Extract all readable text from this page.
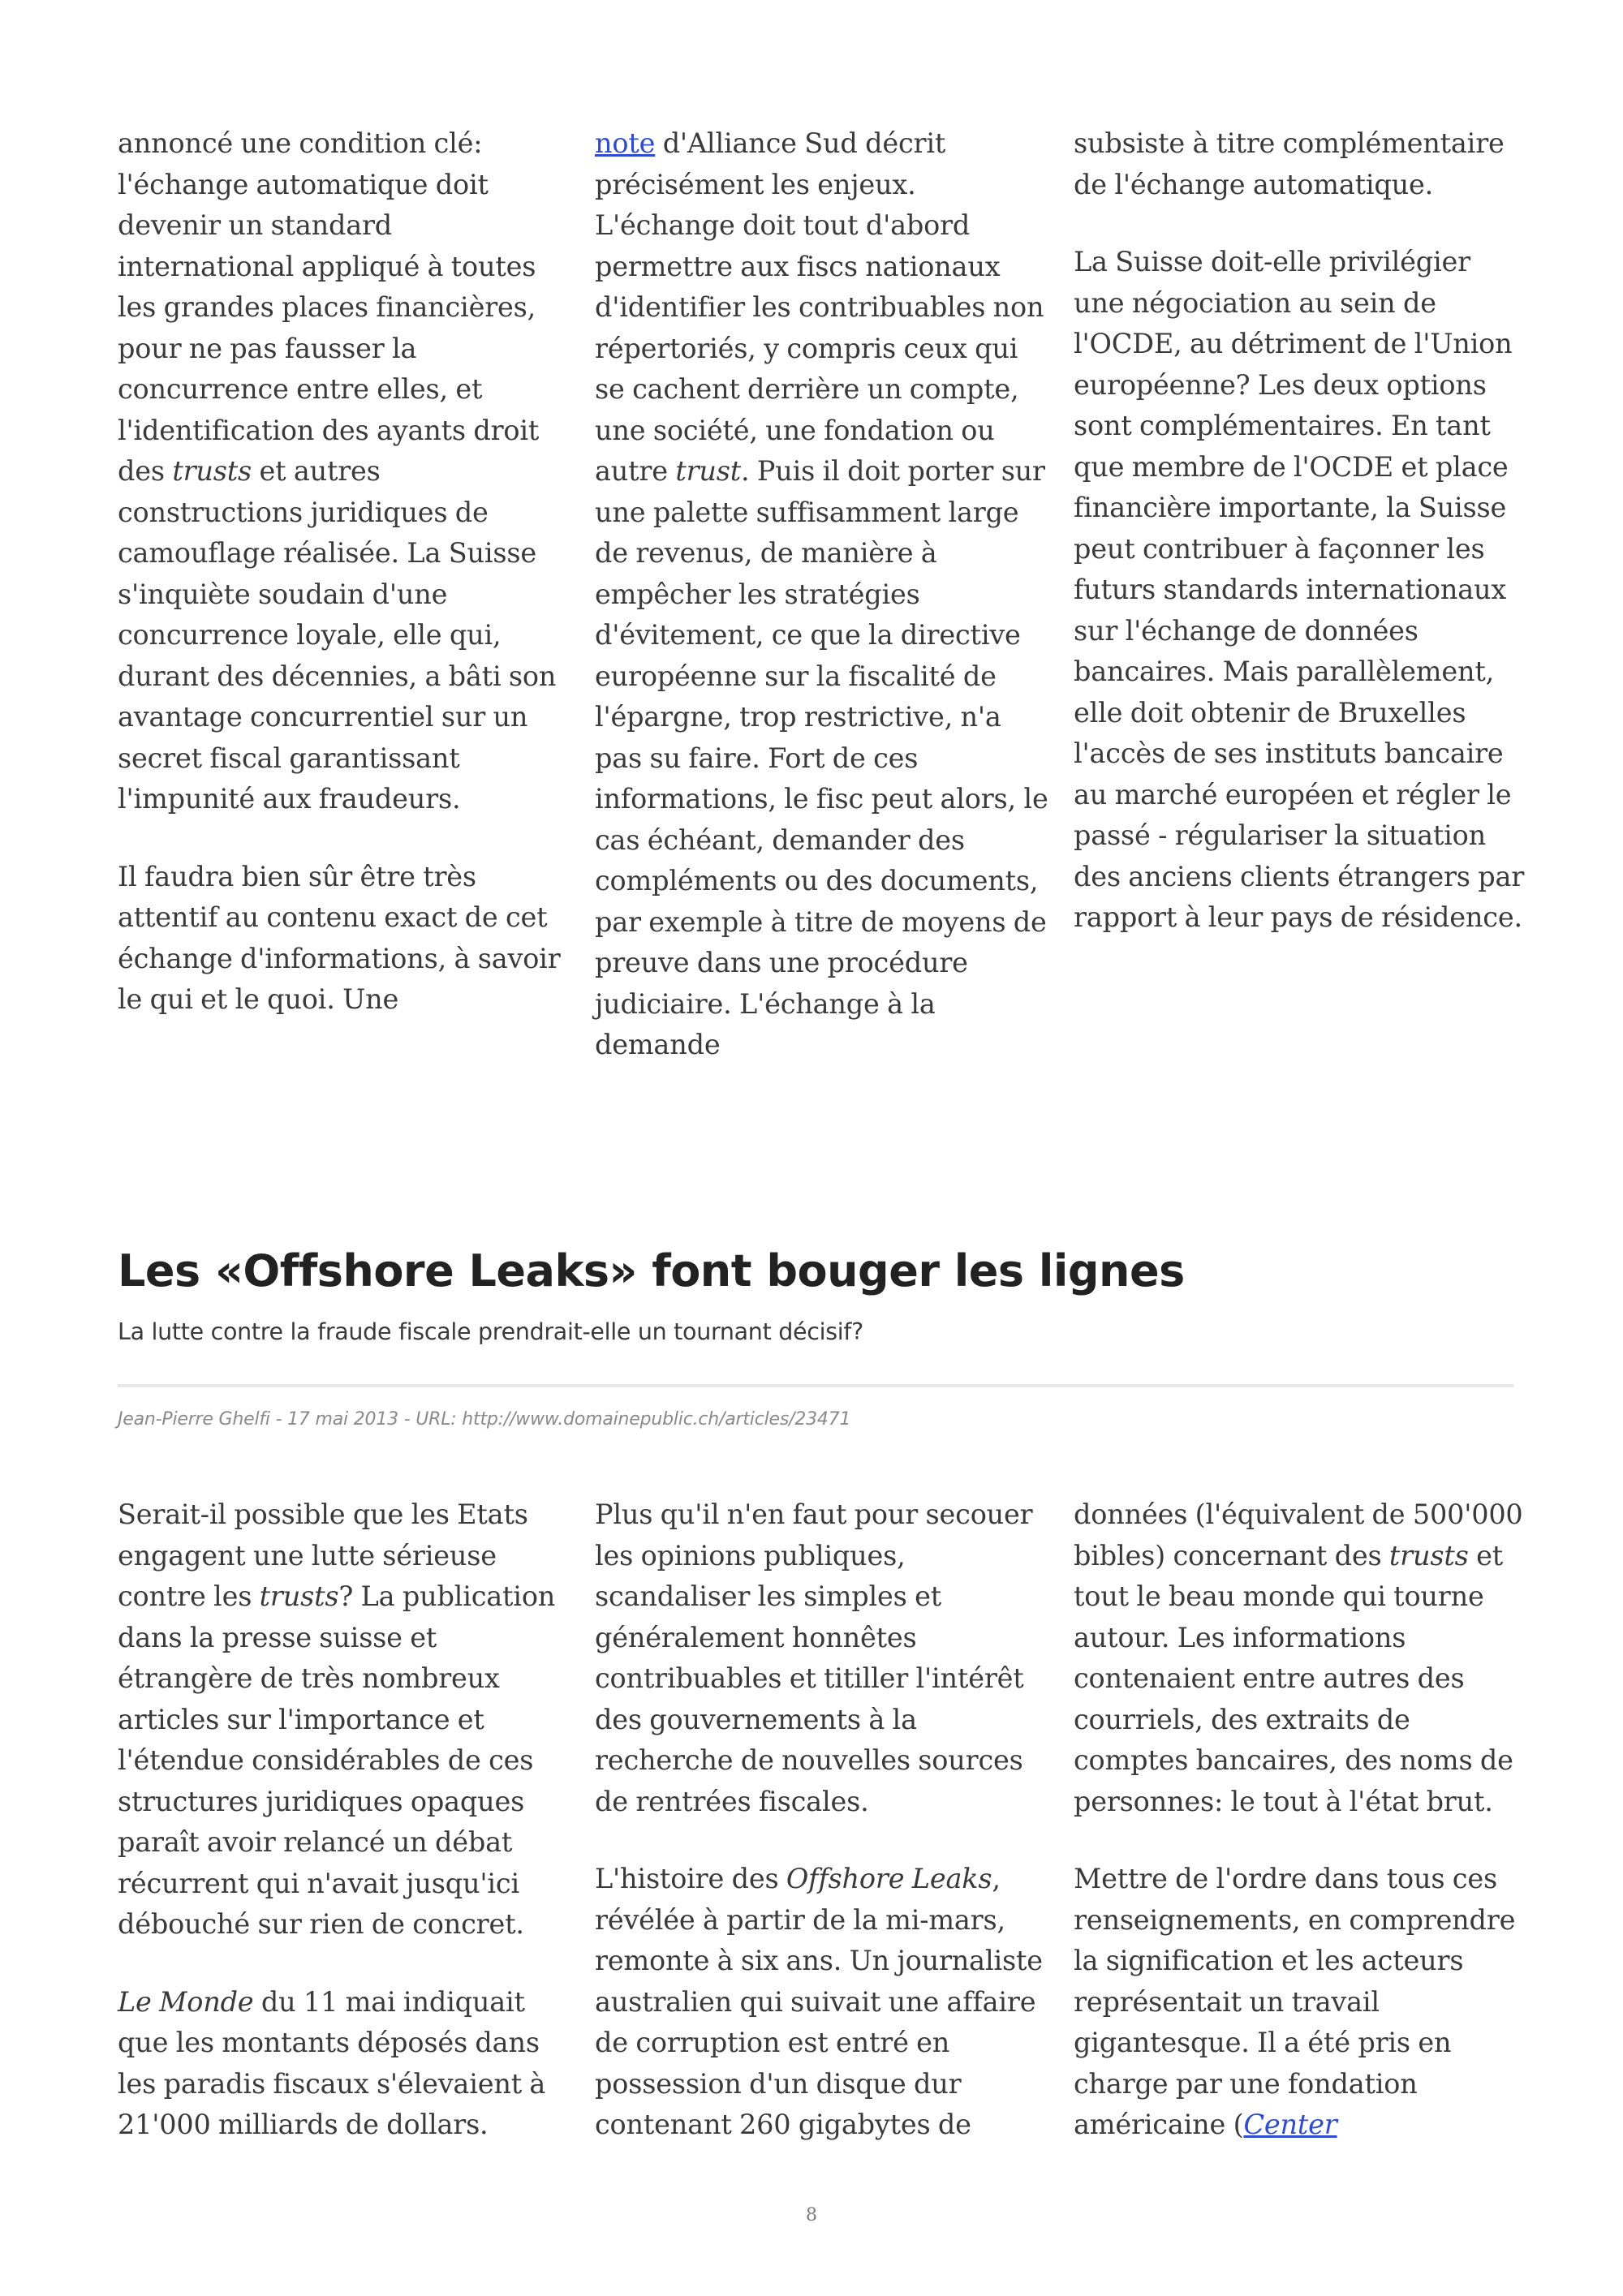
annoncé une condition clé: l'échange automatique doit devenir un standard international appliqué à toutes les grandes places financières, pour ne pas fausser la concurrence entre elles, et l'identification des ayants droit des trusts et autres constructions juridiques de camouflage réalisée. La Suisse s'inquiète soudain d'une concurrence loyale, elle qui, durant des décennies, a bâti son avantage concurrentiel sur un secret fiscal garantissant l'impunité aux fraudeurs.

Il faudra bien sûr être très attentif au contenu exact de cet échange d'informations, à savoir le qui et le quoi. Une

note d'Alliance Sud décrit précisément les enjeux. L'échange doit tout d'abord permettre aux fiscs nationaux d'identifier les contribuables non répertoriés, y compris ceux qui se cachent derrière un compte, une société, une fondation ou autre trust. Puis il doit porter sur une palette suffisamment large de revenus, de manière à empêcher les stratégies d'évitement, ce que la directive européenne sur la fiscalité de l'épargne, trop restrictive, n'a pas su faire. Fort de ces informations, le fisc peut alors, le cas échéant, demander des compléments ou des documents, par exemple à titre de moyens de preuve dans une procédure judiciaire. L'échange à la demande

subsiste à titre complémentaire de l'échange automatique.

La Suisse doit-elle privilégier une négociation au sein de l'OCDE, au détriment de l'Union européenne? Les deux options sont complémentaires. En tant que membre de l'OCDE et place financière importante, la Suisse peut contribuer à façonner les futurs standards internationaux sur l'échange de données bancaires. Mais parallèlement, elle doit obtenir de Bruxelles l'accès de ses instituts bancaire au marché européen et régler le passé - régulariser la situation des anciens clients étrangers par rapport à leur pays de résidence.

Les «Offshore Leaks» font bouger les lignes
La lutte contre la fraude fiscale prendrait-elle un tournant décisif?
Jean-Pierre Ghelfi - 17 mai 2013 - URL: http://www.domainepublic.ch/articles/23471

Serait-il possible que les Etats engagent une lutte sérieuse contre les trusts? La publication dans la presse suisse et étrangère de très nombreux articles sur l'importance et l'étendue considérables de ces structures juridiques opaques paraît avoir relancé un débat récurrent qui n'avait jusqu'ici débouché sur rien de concret.

Le Monde du 11 mai indiquait que les montants déposés dans les paradis fiscaux s'élevaient à 21'000 milliards de dollars.

Plus qu'il n'en faut pour secouer les opinions publiques, scandaliser les simples et généralement honnêtes contribuables et titiller l'intérêt des gouvernements à la recherche de nouvelles sources de rentrées fiscales.

L'histoire des Offshore Leaks, révélée à partir de la mi-mars, remonte à six ans. Un journaliste australien qui suivait une affaire de corruption est entré en possession d'un disque dur contenant 260 gigabytes de

données (l'équivalent de 500'000 bibles) concernant des trusts et tout le beau monde qui tourne autour. Les informations contenaient entre autres des courriels, des extraits de comptes bancaires, des noms de personnes: le tout à l'état brut.

Mettre de l'ordre dans tous ces renseignements, en comprendre la signification et les acteurs représentait un travail gigantesque. Il a été pris en charge par une fondation américaine (Center

8
